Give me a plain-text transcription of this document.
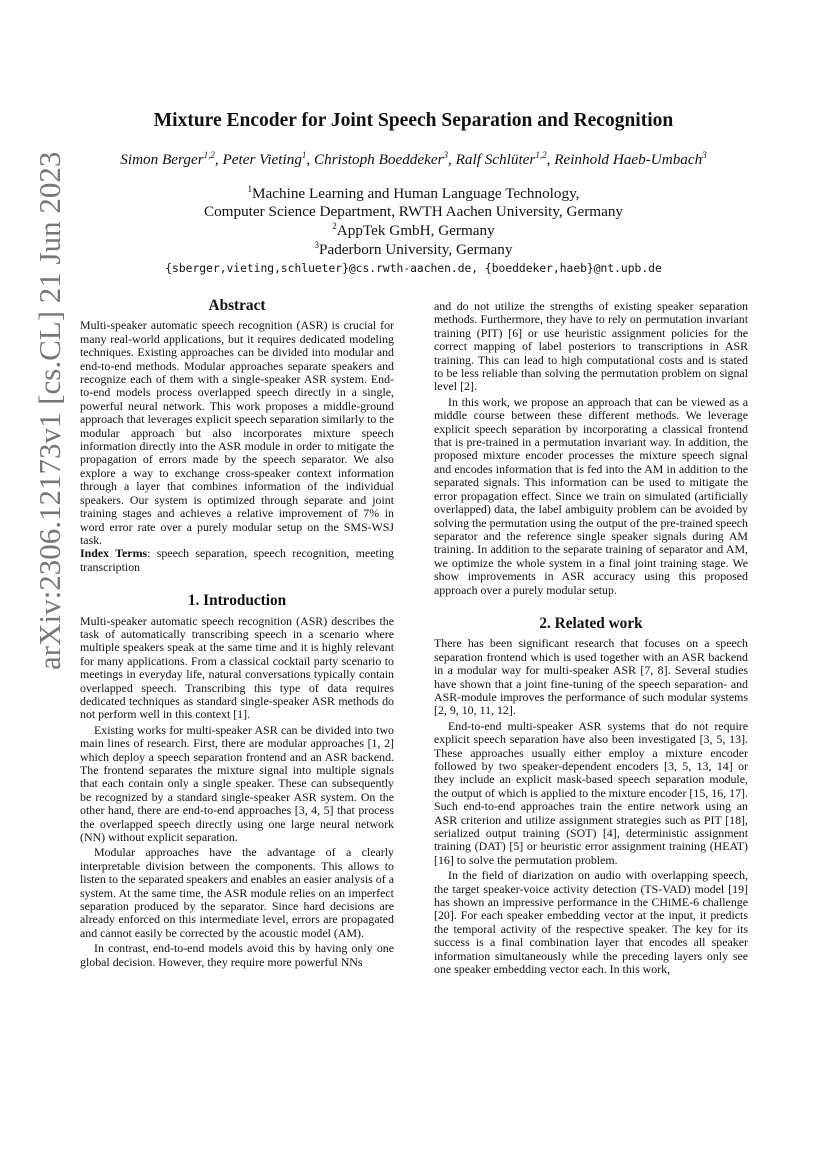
arXiv:2306.12173v1 [cs.CL] 21 Jun 2023
Mixture Encoder for Joint Speech Separation and Recognition
Simon Berger$^{1,2}$, Peter Vieting$^1$, Christoph Boeddeker$^3$, Ralf Schlüter$^{1,2}$, Reinhold Haeb-Umbach$^3$
$^1$Machine Learning and Human Language Technology,
Computer Science Department, RWTH Aachen University, Germany
$^2$AppTek GmbH, Germany
$^3$Paderborn University, Germany
{sberger,vieting,schlueter}@cs.rwth-aachen.de, {boeddeker,haeb}@nt.upb.de
Abstract

Multi-speaker automatic speech recognition (ASR) is crucial for many real-world applications, but it requires dedicated modeling techniques. Existing approaches can be divided into modular and end-to-end methods. Modular approaches separate speakers and recognize each of them with a single-speaker ASR system. End-to-end models process overlapped speech directly in a single, powerful neural network. This work proposes a middle-ground approach that leverages explicit speech separation similarly to the modular approach but also incorporates mixture speech information directly into the ASR module in order to mitigate the propagation of errors made by the speech separator. We also explore a way to exchange cross-speaker context information through a layer that combines information of the individual speakers. Our system is optimized through separate and joint training stages and achieves a relative improvement of 7% in word error rate over a purely modular setup on the SMS-WSJ task.

Index Terms: speech separation, speech recognition, meeting transcription

1. Introduction

Multi-speaker automatic speech recognition (ASR) describes the task of automatically transcribing speech in a scenario where multiple speakers speak at the same time and it is highly relevant for many applications. From a classical cocktail party scenario to meetings in everyday life, natural conversations typically contain overlapped speech. Transcribing this type of data requires dedicated techniques as standard single-speaker ASR methods do not perform well in this context [1].

Existing works for multi-speaker ASR can be divided into two main lines of research. First, there are modular approaches [1, 2] which deploy a speech separation frontend and an ASR backend. The frontend separates the mixture signal into multiple signals that each contain only a single speaker. These can subsequently be recognized by a standard single-speaker ASR system. On the other hand, there are end-to-end approaches [3, 4, 5] that process the overlapped speech directly using one large neural network (NN) without explicit separation.

Modular approaches have the advantage of a clearly interpretable division between the components. This allows to listen to the separated speakers and enables an easier analysis of a system. At the same time, the ASR module relies on an imperfect separation produced by the separator. Since hard decisions are already enforced on this intermediate level, errors are propagated and cannot easily be corrected by the acoustic model (AM).

In contrast, end-to-end models avoid this by having only one global decision. However, they require more powerful NNs

and do not utilize the strengths of existing speaker separation methods. Furthermore, they have to rely on permutation invariant training (PIT) [6] or use heuristic assignment policies for the correct mapping of label posteriors to transcriptions in ASR training. This can lead to high computational costs and is stated to be less reliable than solving the permutation problem on signal level [2].

In this work, we propose an approach that can be viewed as a middle course between these different methods. We leverage explicit speech separation by incorporating a classical frontend that is pre-trained in a permutation invariant way. In addition, the proposed mixture encoder processes the mixture speech signal and encodes information that is fed into the AM in addition to the separated signals. This information can be used to mitigate the error propagation effect. Since we train on simulated (artificially overlapped) data, the label ambiguity problem can be avoided by solving the permutation using the output of the pre-trained speech separator and the reference single speaker signals during AM training. In addition to the separate training of separator and AM, we optimize the whole system in a final joint training stage. We show improvements in ASR accuracy using this proposed approach over a purely modular setup.

2. Related work

There has been significant research that focuses on a speech separation frontend which is used together with an ASR backend in a modular way for multi-speaker ASR [7, 8]. Several studies have shown that a joint fine-tuning of the speech separation- and ASR-module improves the performance of such modular systems [2, 9, 10, 11, 12].

End-to-end multi-speaker ASR systems that do not require explicit speech separation have also been investigated [3, 5, 13]. These approaches usually either employ a mixture encoder followed by two speaker-dependent encoders [3, 5, 13, 14] or they include an explicit mask-based speech separation module, the output of which is applied to the mixture encoder [15, 16, 17]. Such end-to-end approaches train the entire network using an ASR criterion and utilize assignment strategies such as PIT [18], serialized output training (SOT) [4], deterministic assignment training (DAT) [5] or heuristic error assignment training (HEAT) [16] to solve the permutation problem.

In the field of diarization on audio with overlapping speech, the target speaker-voice activity detection (TS-VAD) model [19] has shown an impressive performance in the CHiME-6 challenge [20]. For each speaker embedding vector at the input, it predicts the temporal activity of the respective speaker. The key for its success is a final combination layer that encodes all speaker information simultaneously while the preceding layers only see one speaker embedding vector each. In this work,
